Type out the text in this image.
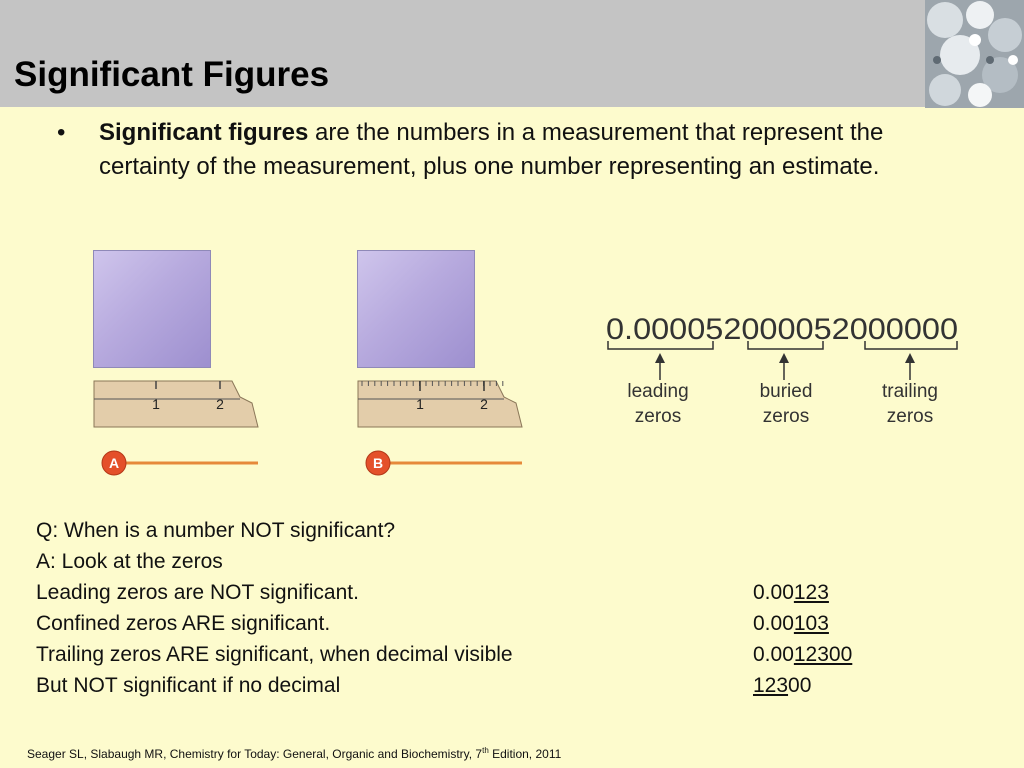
Significant Figures
• Significant figures are the numbers in a measurement that represent the certainty of the measurement, plus one number representing an estimate.
1	2
A
1	2
B
0.000052000052000000
leading
zeros
buried
zeros
trailing
zeros
Q: When is a number NOT significant?
A: Look at the zeros
Leading zeros are NOT significant.	0.00123
Confined zeros ARE significant.	0.00103
Trailing zeros ARE significant, when decimal visible	0.0012300
But NOT significant if no decimal	12300
Seager SL, Slabaugh MR, Chemistry for Today: General, Organic and Biochemistry, 7th Edition, 2011
